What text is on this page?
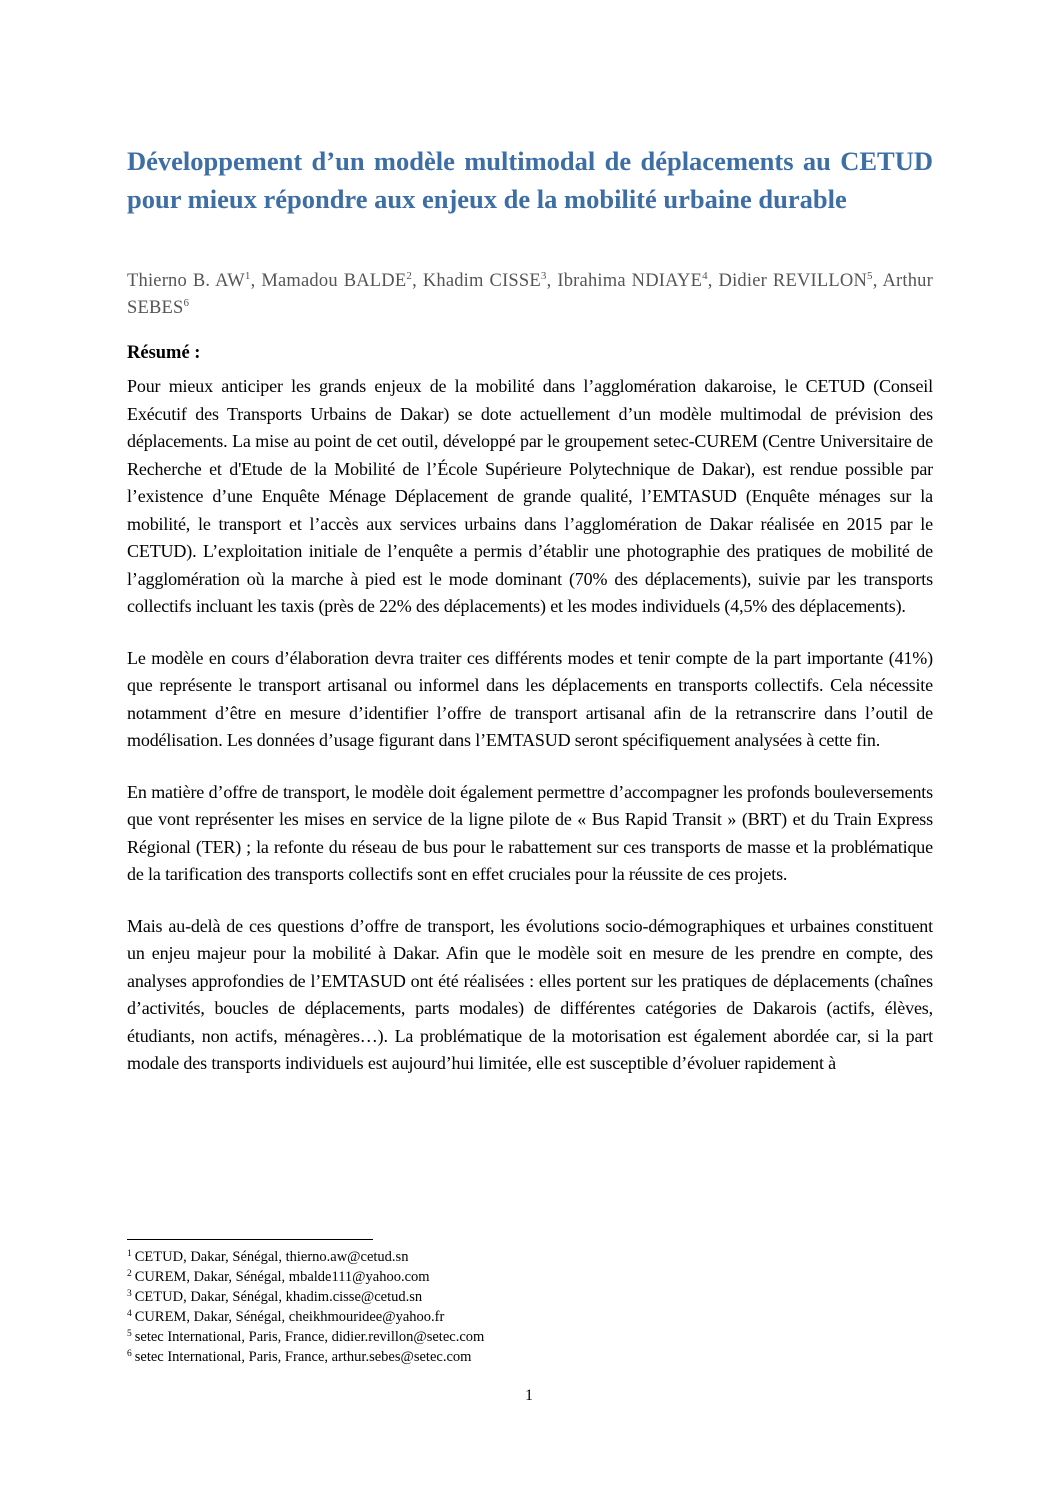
Développement d’un modèle multimodal de déplacements au CETUD pour mieux répondre aux enjeux de la mobilité urbaine durable
Thierno B. $AW^1$, Mamadou BALDE$^2$, Khadim CISSE$^3$, Ibrahima NDIAYE$^4$, Didier REVILLON$^5$, Arthur SEBES$^6$
Résumé :

Pour mieux anticiper les grands enjeux de la mobilité dans l’agglomération dakaroise, le CETUD (Conseil Exécutif des Transports Urbains de Dakar) se dote actuellement d’un modèle multimodal de prévision des déplacements. La mise au point de cet outil, développé par le groupement setec-CUREM (Centre Universitaire de Recherche et d'Etude de la Mobilité de l’École Supérieure Polytechnique de Dakar), est rendue possible par l’existence d’une Enquête Ménage Déplacement de grande qualité, l’EMTASUD (Enquête ménages sur la mobilité, le transport et l’accès aux services urbains dans l’agglomération de Dakar réalisée en 2015 par le CETUD). L’exploitation initiale de l’enquête a permis d’établir une photographie des pratiques de mobilité de l’agglomération où la marche à pied est le mode dominant (70% des déplacements), suivie par les transports collectifs incluant les taxis (près de 22% des déplacements) et les modes individuels (4,5% des déplacements).

Le modèle en cours d’élaboration devra traiter ces différents modes et tenir compte de la part importante (41%) que représente le transport artisanal ou informel dans les déplacements en transports collectifs. Cela nécessite notamment d’être en mesure d’identifier l’offre de transport artisanal afin de la retranscrire dans l’outil de modélisation. Les données d’usage figurant dans l’EMTASUD seront spécifiquement analysées à cette fin.

En matière d’offre de transport, le modèle doit également permettre d’accompagner les profonds bouleversements que vont représenter les mises en service de la ligne pilote de « Bus Rapid Transit » (BRT) et du Train Express Régional (TER) ; la refonte du réseau de bus pour le rabattement sur ces transports de masse et la problématique de la tarification des transports collectifs sont en effet cruciales pour la réussite de ces projets.

Mais au-delà de ces questions d’offre de transport, les évolutions socio-démographiques et urbaines constituent un enjeu majeur pour la mobilité à Dakar. Afin que le modèle soit en mesure de les prendre en compte, des analyses approfondies de l’EMTASUD ont été réalisées : elles portent sur les pratiques de déplacements (chaînes d’activités, boucles de déplacements, parts modales) de différentes catégories de Dakarois (actifs, élèves, étudiants, non actifs, ménagères…). La problématique de la motorisation est également abordée car, si la part modale des transports individuels est aujourd’hui limitée, elle est susceptible d’évoluer rapidement à

$^1$ CETUD, Dakar, Sénégal, thierno.aw@cetud.sn
$^2$ CUREM, Dakar, Sénégal, mbalde111@yahoo.com
$^3$ CETUD, Dakar, Sénégal, khadim.cisse@cetud.sn
$^4$ CUREM, Dakar, Sénégal, cheikhmouridee@yahoo.fr
$^5$ setec International, Paris, France, didier.revillon@setec.com
$^6$ setec International, Paris, France, arthur.sebes@setec.com
1
